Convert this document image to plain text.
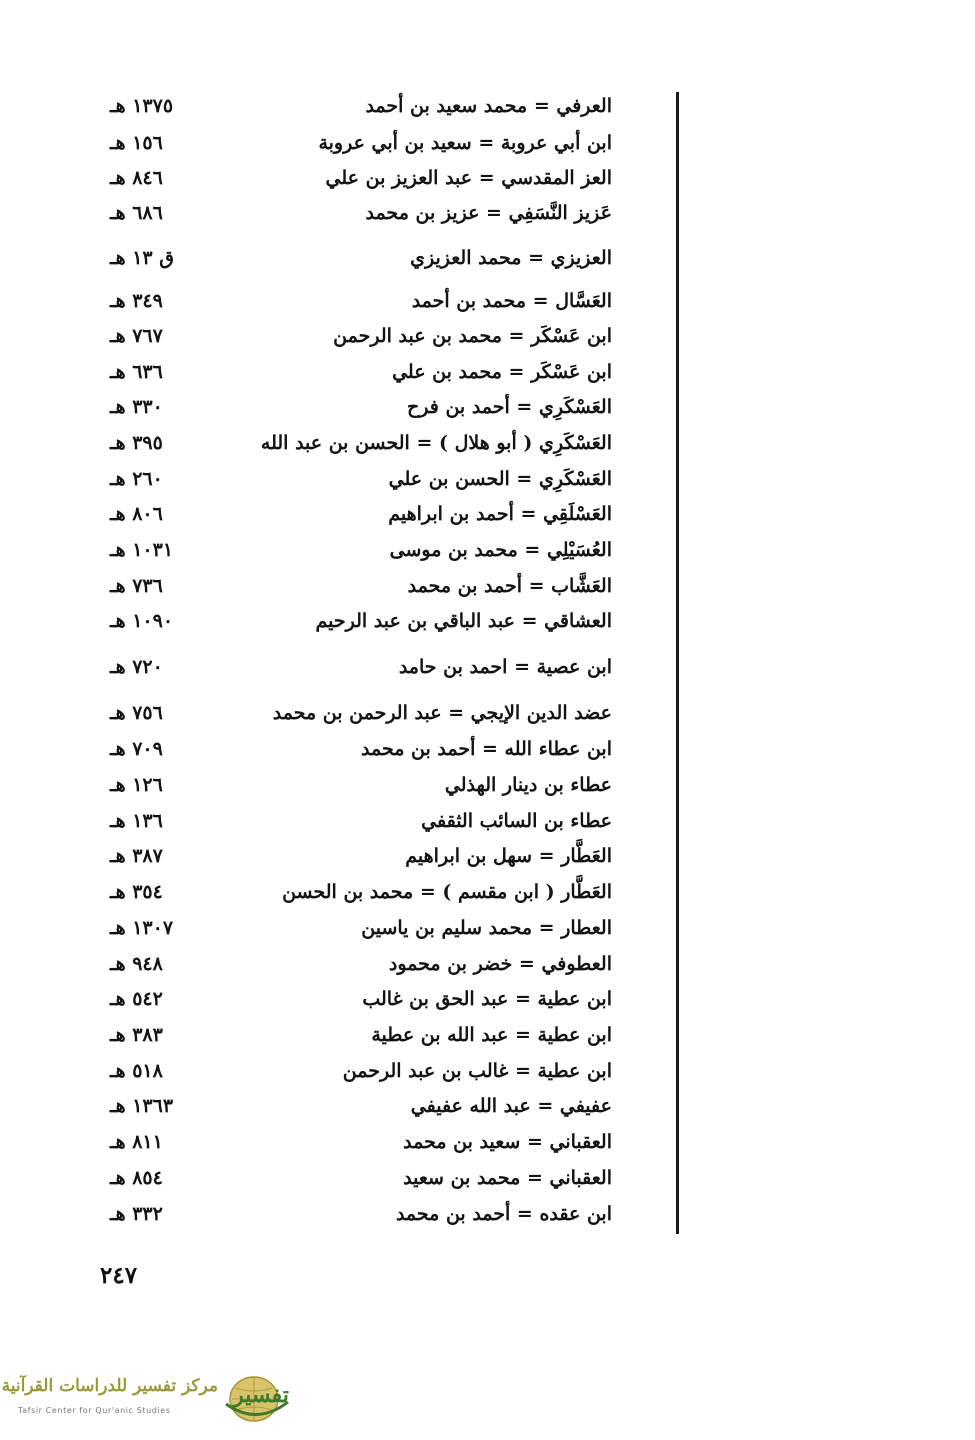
العرفي = محمد سعيد بن أحمد
١٣٧٥ هـ
ابن أبي عروبة = سعيد بن أبي عروبة
١٥٦ هـ
العز المقدسي = عبد العزيز بن علي
٨٤٦ هـ
عَزيز النَّسَفِي = عزيز بن محمد
٦٨٦ هـ
العزيزي = محمد العزيزي
ق ١٣ هـ
العَسَّال = محمد بن أحمد
٣٤٩ هـ
ابن عَسْكَر = محمد بن عبد الرحمن
٧٦٧ هـ
ابن عَسْكَر = محمد بن علي
٦٣٦ هـ
العَسْكَرِي = أحمد بن فرح
٣٣٠ هـ
العَسْكَرِي ( أبو هلال ) = الحسن بن عبد الله
٣٩٥ هـ
العَسْكَرِي = الحسن بن علي
٢٦٠ هـ
العَسْلَقِي = أحمد بن ابراهيم
٨٠٦ هـ
العُسَيْلِي = محمد بن موسى
١٠٣١ هـ
العَشَّاب = أحمد بن محمد
٧٣٦ هـ
العشاقي = عبد الباقي بن عبد الرحيم
١٠٩٠ هـ
ابن عصية = احمد بن حامد
٧٢٠ هـ
عضد الدين الإيجي = عبد الرحمن بن محمد
٧٥٦ هـ
ابن عطاء الله = أحمد بن محمد
٧٠٩ هـ
عطاء بن دينار الهذلي
١٢٦ هـ
عطاء بن السائب الثقفي
١٣٦ هـ
العَطَّار = سهل بن ابراهيم
٣٨٧ هـ
العَطَّار ( ابن مقسم ) = محمد بن الحسن
٣٥٤ هـ
العطار = محمد سليم بن ياسين
١٣٠٧ هـ
العطوفي = خضر بن محمود
٩٤٨ هـ
ابن عطية = عبد الحق بن غالب
٥٤٢ هـ
ابن عطية = عبد الله بن عطية
٣٨٣ هـ
ابن عطية = غالب بن عبد الرحمن
٥١٨ هـ
عفيفي = عبد الله عفيفي
١٣٦٣ هـ
العقباني = سعيد بن محمد
٨١١ هـ
العقباني = محمد بن سعيد
٨٥٤ هـ
ابن عقده = أحمد بن محمد
٣٣٢ هـ
٢٤٧
مركز تفسير للدراسات القرآنية
Tafsir Center for Qur'anic Studies
تفسير
